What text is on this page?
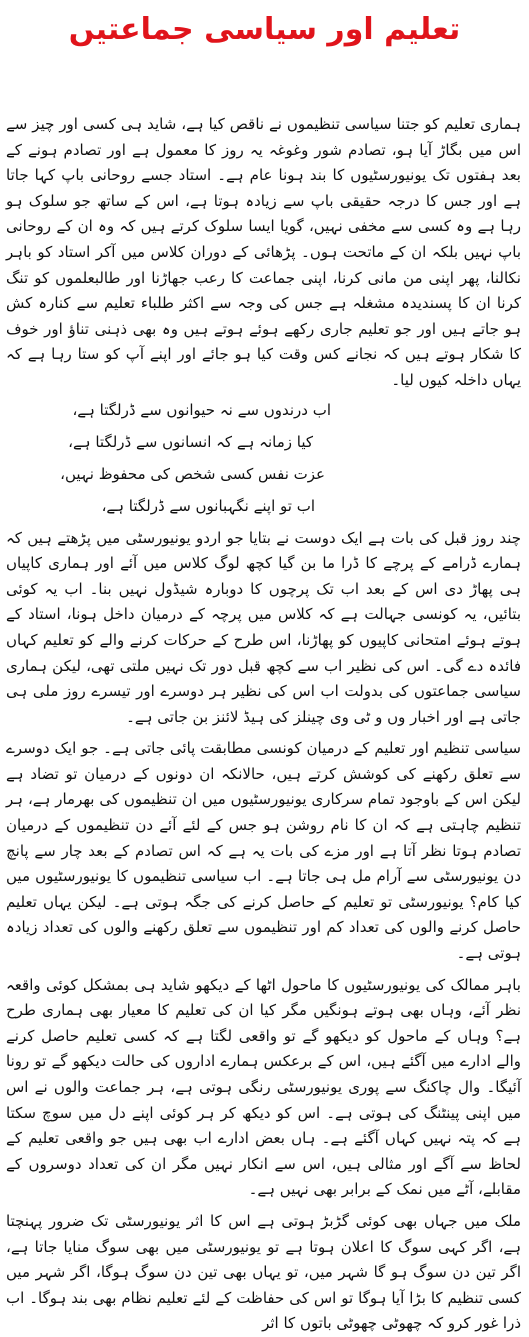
تعلیم اور سیاسی جماعتیں

ہماری تعلیم کو جتنا سیاسی تنظیموں نے ناقص کیا ہے، شاید ہی کسی اور چیز سے اس میں بگاڑ آیا ہو، تصادم شور وغوغہ یہ روز کا معمول ہے اور تصادم ہونے کے بعد ہفتوں تک یونیورسٹیوں کا بند ہونا عام ہے۔ استاد جسے روحانی باپ کہا جاتا ہے اور جس کا درجہ حقیقی باپ سے زیادہ ہوتا ہے، اس کے ساتھ جو سلوک ہو رہا ہے وہ کسی سے مخفی نہیں، گویا ایسا سلوک کرتے ہیں کہ وہ ان کے روحانی باپ نہیں بلکہ ان کے ماتحت ہوں۔ پڑھائی کے دوران کلاس میں آکر استاد کو باہر نکالنا، پھر اپنی من مانی کرنا، اپنی جماعت کا رعب جھاڑنا اور طالبعلموں کو تنگ کرنا ان کا پسندیدہ مشغلہ ہے جس کی وجہ سے اکثر طلباء تعلیم سے کنارہ کش ہو جاتے ہیں اور جو تعلیم جاری رکھے ہوئے ہوتے ہیں وہ بھی ذہنی تناؤ اور خوف کا شکار ہوتے ہیں کہ نجانے کس وقت کیا ہو جائے اور اپنے آپ کو ستا رہا ہے کہ یہاں داخلہ کیوں لیا۔

اب درندوں سے نہ حیوانوں سے ڈرلگتا ہے،
کیا زمانہ ہے کہ انسانوں سے ڈرلگتا ہے،
عزت نفس کسی شخص کی محفوظ نہیں،
اب تو اپنے نگہبانوں سے ڈرلگتا ہے،

چند روز قبل کی بات ہے ایک دوست نے بتایا جو اردو یونیورسٹی میں پڑھتے ہیں کہ ہمارے ڈرامے کے پرچے کا ڈرا ما بن گیا کچھ لوگ کلاس میں آئے اور ہماری کاپیاں ہی پھاڑ دی اس کے بعد اب تک پرچوں کا دوبارہ شیڈول نہیں بنا۔ اب یہ کوئی بتائیں، یہ کونسی جہالت ہے کہ کلاس میں پرچہ کے درمیان داخل ہونا، استاد کے ہوتے ہوئے امتحانی کاپیوں کو پھاڑنا، اس طرح کے حرکات کرنے والے کو تعلیم کہاں فائدہ دے گی۔ اس کی نظیر اب سے کچھ قبل دور تک نہیں ملتی تھی، لیکن ہماری سیاسی جماعتوں کی بدولت اب اس کی نظیر ہر دوسرے اور تیسرے روز ملی ہی جاتی ہے اور اخبار وں و ٹی وی چینلز کی ہیڈ لائنز بن جاتی ہے۔

سیاسی تنظیم اور تعلیم کے درمیان کونسی مطابقت پائی جاتی ہے۔ جو ایک دوسرے سے تعلق رکھنے کی کوشش کرتے ہیں، حالانکہ ان دونوں کے درمیان تو تضاد ہے لیکن اس کے باوجود تمام سرکاری یونیورسٹیوں میں ان تنظیموں کی بھرمار ہے، ہر تنظیم چاہتی ہے کہ ان کا نام روشن ہو جس کے لئے آئے دن تنظیموں کے درمیان تصادم ہوتا نظر آتا ہے اور مزے کی بات یہ ہے کہ اس تصادم کے بعد چار سے پانچ دن یونیورسٹی سے آرام مل ہی جاتا ہے۔ اب سیاسی تنظیموں کا یونیورسٹیوں میں کیا کام؟ یونیورسٹی تو تعلیم کے حاصل کرنے کی جگہ ہوتی ہے۔ لیکن یہاں تعلیم حاصل کرنے والوں کی تعداد کم اور تنظیموں سے تعلق رکھنے والوں کی تعداد زیادہ ہوتی ہے۔

باہر ممالک کی یونیورسٹیوں کا ماحول اٹھا کے دیکھو شاید ہی بمشکل کوئی واقعہ نظر آئے، وہاں بھی ہوتے ہونگیں مگر کیا ان کی تعلیم کا معیار بھی ہماری طرح ہے؟ وہاں کے ماحول کو دیکھو گے تو واقعی لگتا ہے کہ کسی تعلیم حاصل کرنے والے ادارے میں آگئے ہیں، اس کے برعکس ہمارے اداروں کی حالت دیکھو گے تو رونا آئیگا۔ وال چاکنگ سے پوری یونیورسٹی رنگی ہوتی ہے، ہر جماعت والوں نے اس میں اپنی پینٹنگ کی ہوتی ہے۔ اس کو دیکھ کر ہر کوئی اپنے دل میں سوچ سکتا ہے کہ پتہ نہیں کہاں آگئے ہے۔ ہاں بعض ادارے اب بھی ہیں جو واقعی تعلیم کے لحاظ سے آگے اور مثالی ہیں، اس سے انکار نہیں مگر ان کی تعداد دوسروں کے مقابلے، آٹے میں نمک کے برابر بھی نہیں ہے۔

ملک میں جہاں بھی کوئی گڑبڑ ہوتی ہے اس کا اثر یونیورسٹی تک ضرور پہنچتا ہے، اگر کہی سوگ کا اعلان ہوتا ہے تو یونیورسٹی میں بھی سوگ منایا جاتا ہے، اگر تین دن سوگ ہو گا شہر میں، تو یہاں بھی تین دن سوگ ہوگا، اگر شہر میں کسی تنظیم کا بڑا آیا ہوگا تو اس کی حفاظت کے لئے تعلیم نظام بھی بند ہوگا۔ اب ذرا غور کرو کہ چھوٹی چھوٹی باتوں کا اثر
